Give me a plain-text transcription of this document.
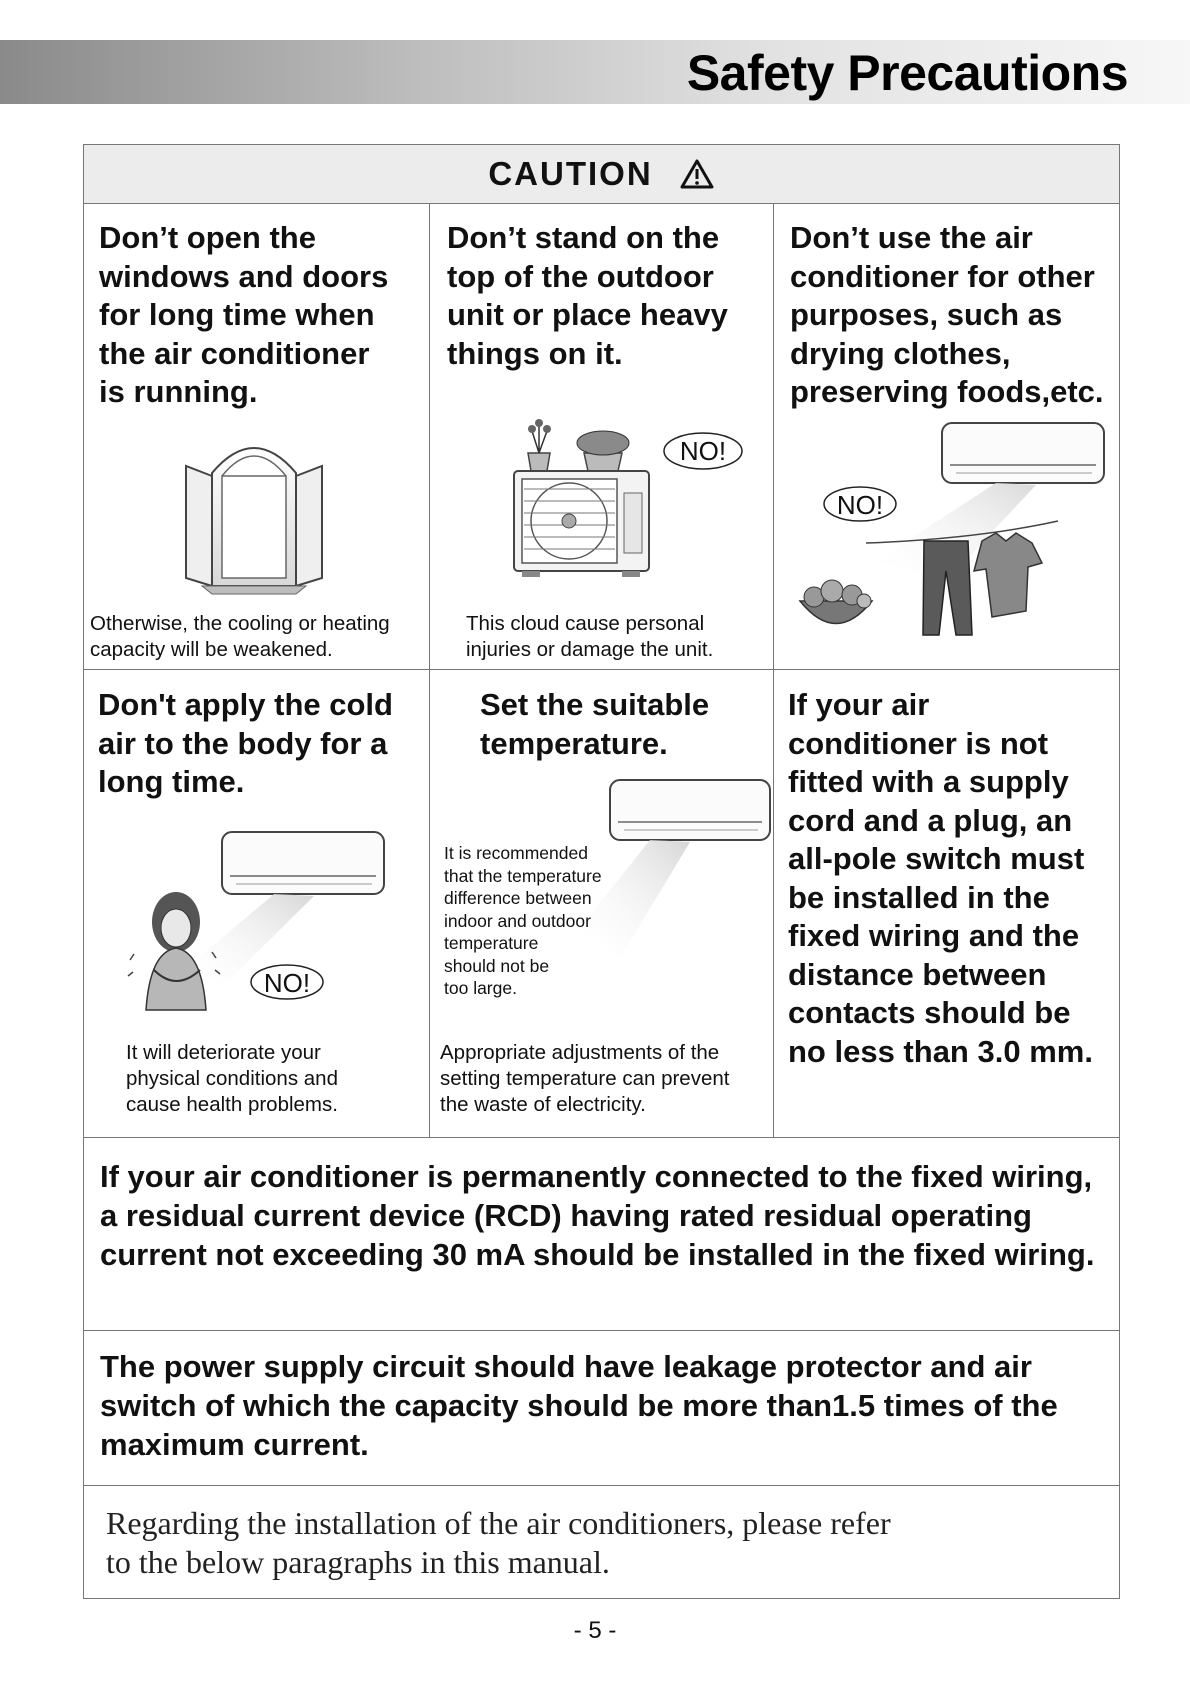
Safety Precautions
CAUTION
Don’t open the
windows and doors
for long time when
the air conditioner
is running.
Otherwise, the cooling or heating
capacity will be weakened.
Don’t stand on the
top of the outdoor
unit or place heavy
things on it.
NO!
This cloud cause personal
injuries or damage the unit.
Don’t use the air
conditioner for other
purposes, such as
drying clothes,
preserving foods,etc.
NO!
Don't apply the cold
air to the body for a
long time.
NO!
It will deteriorate your
physical conditions and
cause health problems.
Set the suitable
temperature.
It is recommended
that the temperature
difference between
indoor and outdoor
temperature
should not be
too large.
Appropriate adjustments of the
setting temperature can prevent
the waste of electricity.
If your air
conditioner is not
fitted with a supply
cord and a plug, an
all-pole switch must
be installed in the
fixed wiring and the
distance between
contacts should be
no less than 3.0 mm.
If your air conditioner is permanently connected to the fixed wiring, a residual current device (RCD) having rated residual operating current not exceeding 30 mA should be installed in the fixed wiring.
The power supply circuit should have leakage protector and air switch of which the capacity should be more than1.5 times of the maximum current.
Regarding the installation of the air conditioners, please refer
to the below paragraphs in this manual.
- 5 -
